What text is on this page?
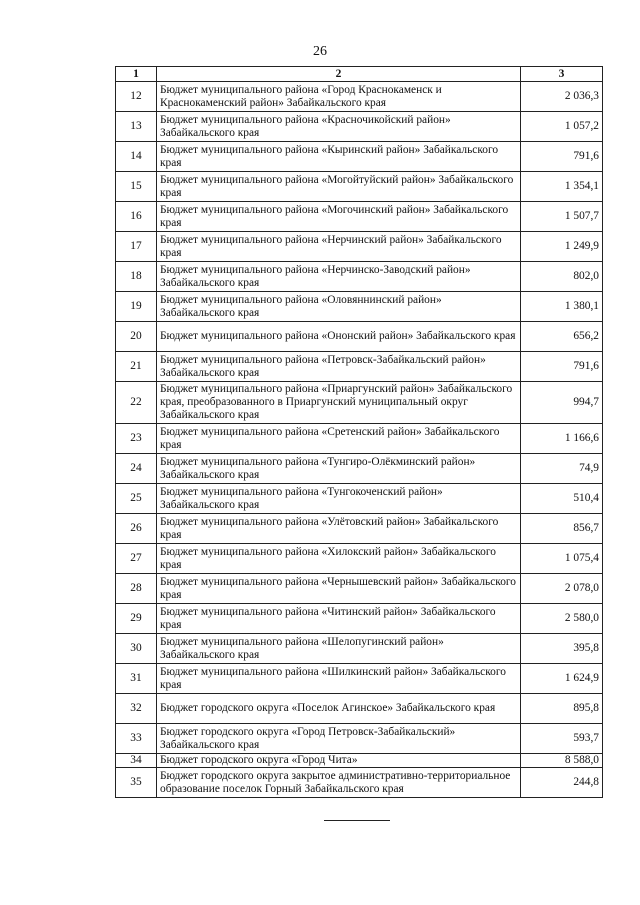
26
1	2	3
12	Бюджет муниципального района «Город Краснокаменск и Краснокаменский район» Забайкальского края	2 036,3
13	Бюджет муниципального района «Красночикойский район» Забайкальского края	1 057,2
14	Бюджет муниципального района «Кыринский район» Забайкальского края	791,6
15	Бюджет муниципального района «Могойтуйский район» Забайкальского края	1 354,1
16	Бюджет муниципального района «Могочинский район» Забайкальского края	1 507,7
17	Бюджет муниципального района «Нерчинский район» Забайкальского края	1 249,9
18	Бюджет муниципального района «Нерчинско-Заводский район» Забайкальского края	802,0
19	Бюджет муниципального района «Оловяннинский район» Забайкальского края	1 380,1
20	Бюджет муниципального района «Ононский район» Забайкальского края	656,2
21	Бюджет муниципального района «Петровск-Забайкальский район» Забайкальского края	791,6
22	Бюджет муниципального района «Приаргунский район» Забайкальского края, преобразованного в Приаргунский муниципальный округ Забайкальского края	994,7
23	Бюджет муниципального района «Сретенский район» Забайкальского края	1 166,6
24	Бюджет муниципального района «Тунгиро-Олёкминский район» Забайкальского края	74,9
25	Бюджет муниципального района «Тунгокоченский район» Забайкальского края	510,4
26	Бюджет муниципального района «Улётовский район» Забайкальского края	856,7
27	Бюджет муниципального района «Хилокский район» Забайкальского края	1 075,4
28	Бюджет муниципального района «Чернышевский район» Забайкальского края	2 078,0
29	Бюджет муниципального района «Читинский район» Забайкальского края	2 580,0
30	Бюджет муниципального района «Шелопугинский район» Забайкальского края	395,8
31	Бюджет муниципального района «Шилкинский район» Забайкальского края	1 624,9
32	Бюджет городского округа «Поселок Агинское» Забайкальского края	895,8
33	Бюджет городского округа «Город Петровск-Забайкальский» Забайкальского края	593,7
34	Бюджет городского округа «Город Чита»	8 588,0
35	Бюджет городского округа закрытое административно-территориальное образование поселок Горный Забайкальского края	244,8
